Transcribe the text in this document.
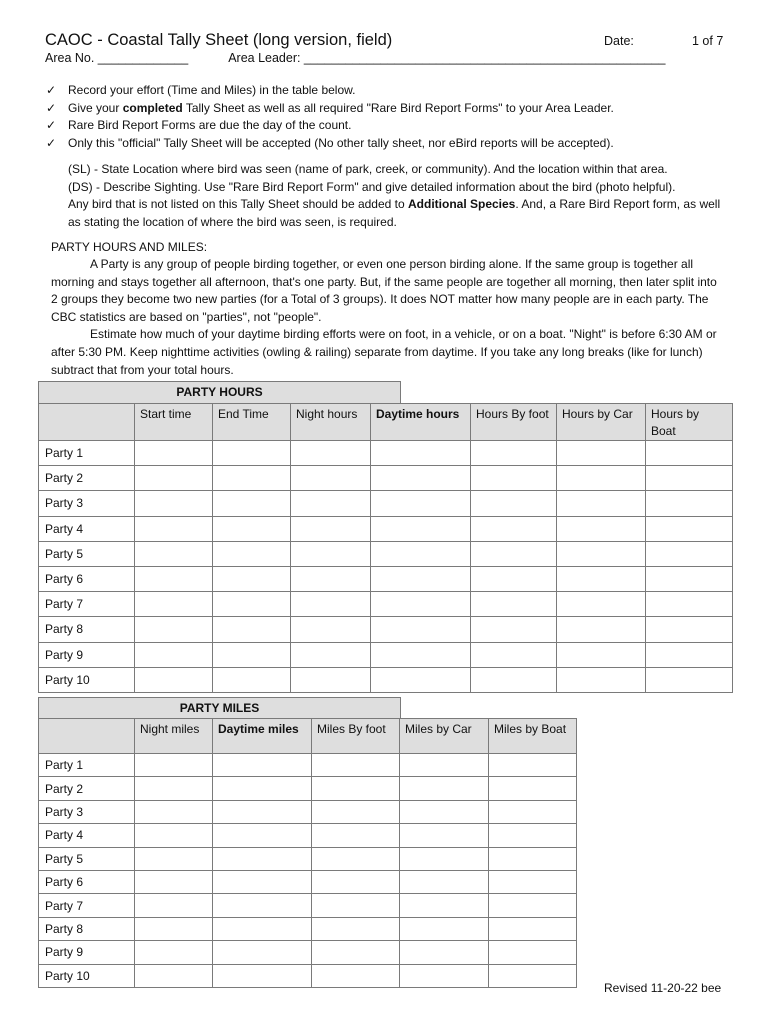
CAOC - Coastal Tally Sheet (long version, field)	Date:	1 of 7
Area No. _____________	Area Leader: ____________________________________________________
✓ Record your effort (Time and Miles) in the table below.
✓ Give your completed Tally Sheet as well as all required "Rare Bird Report Forms" to your Area Leader.
✓ Rare Bird Report Forms are due the day of the count.
✓ Only this "official" Tally Sheet will be accepted (No other tally sheet, nor eBird reports will be accepted).

(SL) - State Location where bird was seen (name of park, creek, or community). And the location within that area.

(DS) - Describe Sighting. Use "Rare Bird Report Form" and give detailed information about the bird (photo helpful).

Any bird that is not listed on this Tally Sheet should be added to Additional Species. And, a Rare Bird Report form, as well as stating the location of where the bird was seen, is required.

PARTY HOURS AND MILES:

A Party is any group of people birding together, or even one person birding alone. If the same group is together all morning and stays together all afternoon, that's one party. But, if the same people are together all morning, then later split into 2 groups they become two new parties (for a Total of 3 groups). It does NOT matter how many people are in each party. The CBC statistics are based on "parties", not "people".

Estimate how much of your daytime birding efforts were on foot, in a vehicle, or on a boat. "Night" is before 6:30 AM or after 5:30 PM. Keep nighttime activities (owling & railing) separate from daytime. If you take any long breaks (like for lunch) subtract that from your total hours.

PARTY HOURS
	Start time	End Time	Night hours	Daytime hours	Hours By foot	Hours by Car	Hours by Boat
Party 1							
Party 2							
Party 3							
Party 4							
Party 5							
Party 6							
Party 7							
Party 8							
Party 9							
Party 10							
PARTY MILES
	Night miles	Daytime miles	Miles By foot	Miles by Car	Miles by Boat
Party 1					
Party 2					
Party 3					
Party 4					
Party 5					
Party 6					
Party 7					
Party 8					
Party 9					
Party 10					
Revised 11-20-22 bee
